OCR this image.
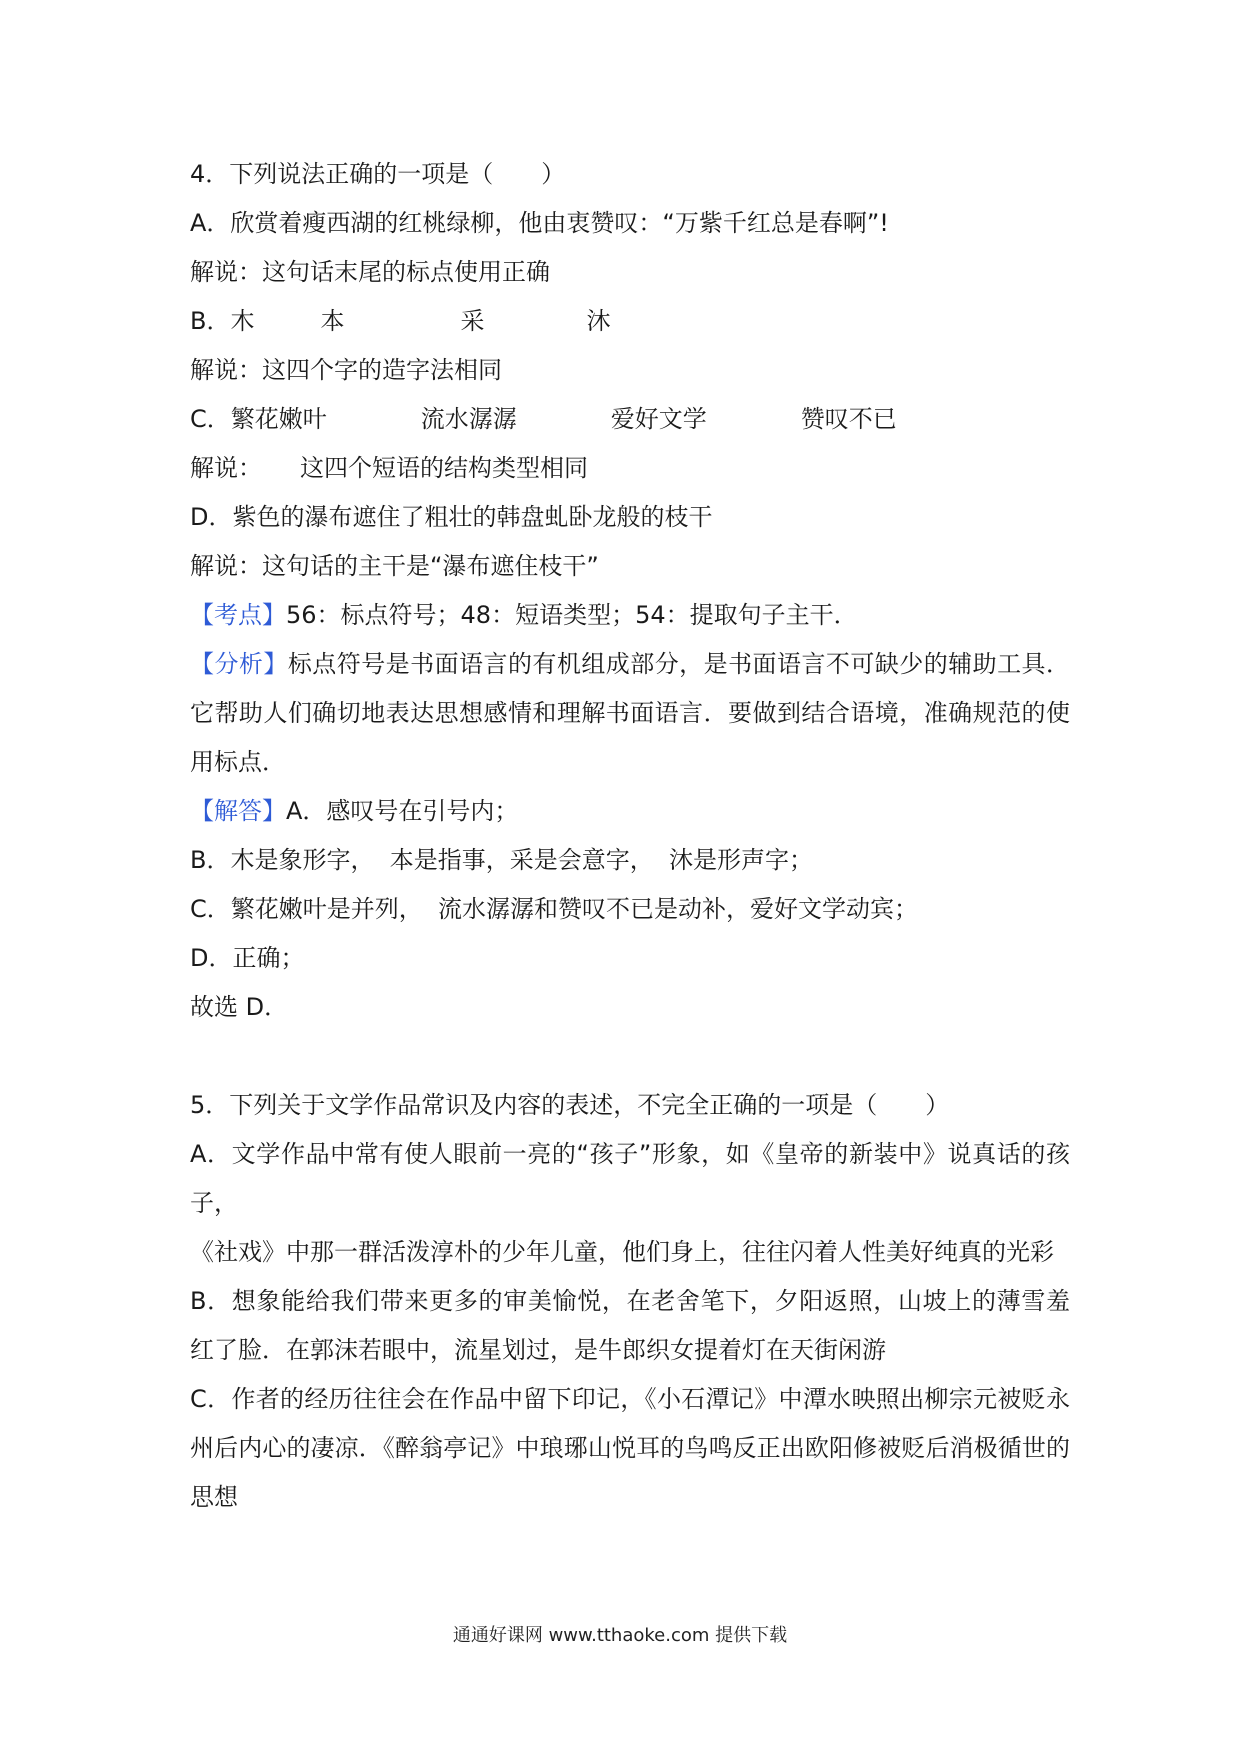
4．下列说法正确的一项是（　　）
A．欣赏着瘦西湖的红桃绿柳，他由衷赞叹：“万紫千红总是春啊”!
解说：这句话末尾的标点使用正确
B．木	本	采	沐
解说：这四个字的造字法相同
C．繁花嫩叶	流水潺潺	爱好文学	赞叹不已
解说： 这四个短语的结构类型相同
D．紫色的瀑布遮住了粗壮的韩盘虬卧龙般的枝干
解说：这句话的主干是“瀑布遮住枝干”
【考点】56：标点符号；48：短语类型；54：提取句子主干．
【分析】标点符号是书面语言的有机组成部分，是书面语言不可缺少的辅助工具．它帮助人们确切地表达思想感情和理解书面语言．要做到结合语境，准确规范的使用标点．
【解答】A．感叹号在引号内；
B．木是象形字，  本是指事，采是会意字，  沐是形声字；
C．繁花嫩叶是并列，  流水潺潺和赞叹不已是动补，爱好文学动宾；
D．正确；
故选 D．
5．下列关于文学作品常识及内容的表述，不完全正确的一项是（　　）
A．文学作品中常有使人眼前一亮的“孩子”形象，如《皇帝的新装中》说真话的孩子，
《社戏》中那一群活泼淳朴的少年儿童，他们身上，往往闪着人性美好纯真的光彩
B．想象能给我们带来更多的审美愉悦，在老舍笔下，夕阳返照，山坡上的薄雪羞红了脸．在郭沫若眼中，流星划过，是牛郎织女提着灯在天街闲游
C．作者的经历往往会在作品中留下印记，《小石潭记》中潭水映照出柳宗元被贬永州后内心的凄凉．《醉翁亭记》中琅琊山悦耳的鸟鸣反正出欧阳修被贬后消极循世的思想
通通好课网 www.tthaoke.com 提供下载
